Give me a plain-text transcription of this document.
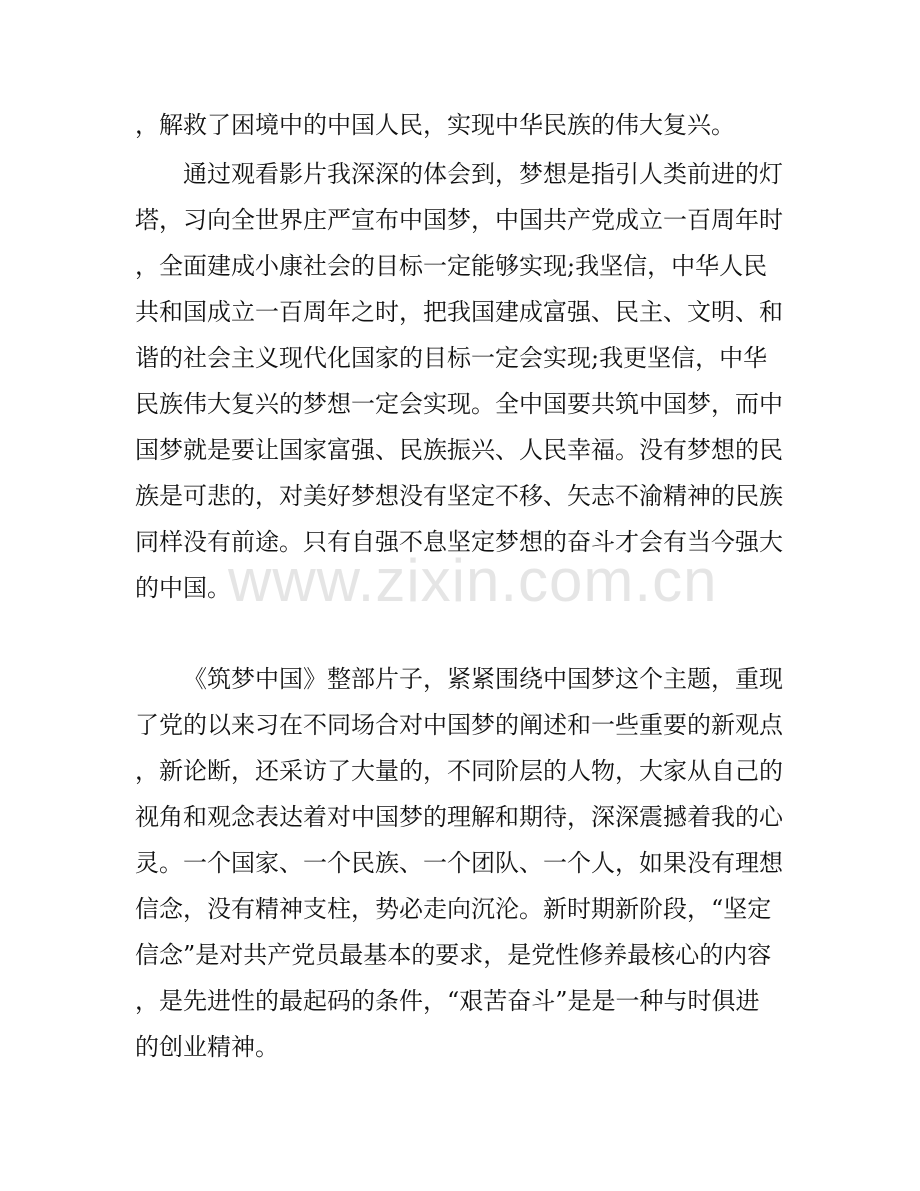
，解救了困境中的中国人民，实现中华民族的伟大复兴。
通过观看影片我深深的体会到，梦想是指引人类前进的灯
塔，习向全世界庄严宣布中国梦，中国共产党成立一百周年时
，全面建成小康社会的目标一定能够实现;我坚信，中华人民
共和国成立一百周年之时，把我国建成富强、民主、文明、和
谐的社会主义现代化国家的目标一定会实现;我更坚信，中华
民族伟大复兴的梦想一定会实现。全中国要共筑中国梦，而中
国梦就是要让国家富强、民族振兴、人民幸福。没有梦想的民
族是可悲的，对美好梦想没有坚定不移、矢志不渝精神的民族
同样没有前途。只有自强不息坚定梦想的奋斗才会有当今强大
的中国。
《筑梦中国》整部片子，紧紧围绕中国梦这个主题，重现
了党的以来习在不同场合对中国梦的阐述和一些重要的新观点
，新论断，还采访了大量的，不同阶层的人物，大家从自己的
视角和观念表达着对中国梦的理解和期待，深深震撼着我的心
灵。一个国家、一个民族、一个团队、一个人，如果没有理想
信念，没有精神支柱，势必走向沉沦。新时期新阶段，“坚定
信念”是对共产党员最基本的要求，是党性修养最核心的内容
，是先进性的最起码的条件，“艰苦奋斗”是是一种与时俱进
的创业精神。
www.zixin.com.cn
